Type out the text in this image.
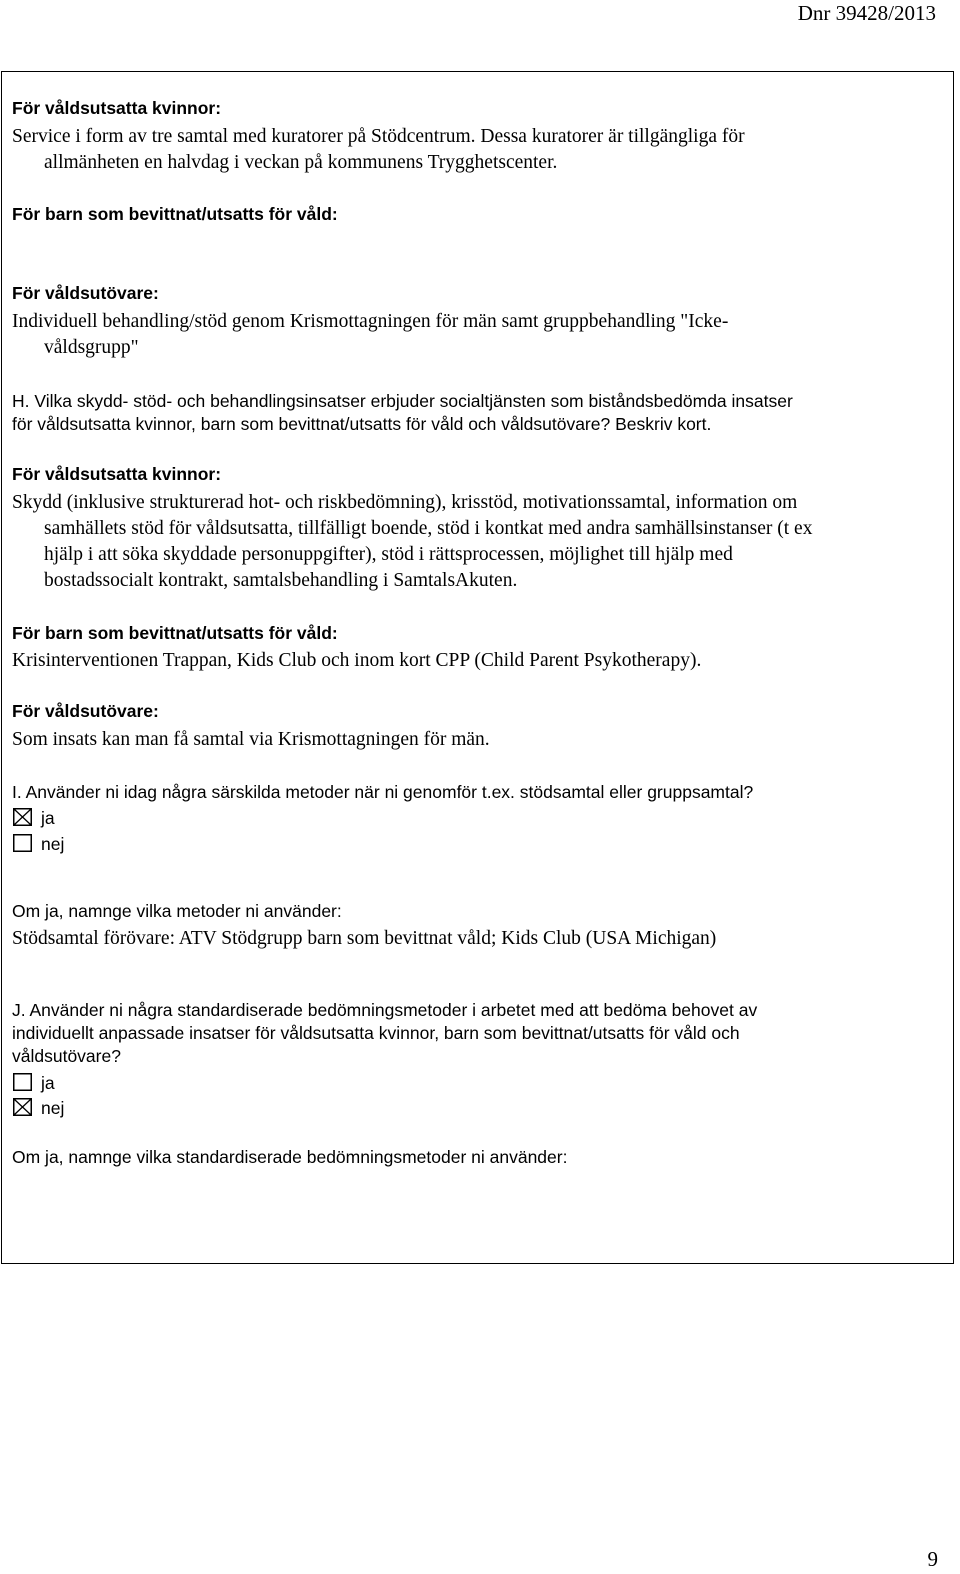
Dnr 39428/2013
För våldsutsatta kvinnor:
Service i form av tre samtal med kuratorer på Stödcentrum. Dessa kuratorer är tillgängliga för
allmänheten en halvdag i veckan på kommunens Trygghetscenter.
För barn som bevittnat/utsatts för våld:
För våldsutövare:
Individuell behandling/stöd genom Krismottagningen för män samt gruppbehandling "Icke-
våldsgrupp"
H. Vilka skydd- stöd- och behandlingsinsatser erbjuder socialtjänsten som biståndsbedömda insatser
för våldsutsatta kvinnor, barn som bevittnat/utsatts för våld och våldsutövare? Beskriv kort.
För våldsutsatta kvinnor:
Skydd (inklusive strukturerad hot- och riskbedömning), krisstöd, motivationssamtal, information om
samhällets stöd för våldsutsatta, tillfälligt boende, stöd i kontkat med andra samhällsinstanser (t ex
hjälp i att söka skyddade personuppgifter), stöd i rättsprocessen, möjlighet till hjälp med
bostadssocialt kontrakt, samtalsbehandling i SamtalsAkuten.
För barn som bevittnat/utsatts för våld:
Krisinterventionen Trappan, Kids Club och inom kort CPP (Child Parent Psykotherapy).
För våldsutövare:
Som insats kan man få samtal via Krismottagningen för män.
I. Använder ni idag några särskilda metoder när ni genomför t.ex. stödsamtal eller gruppsamtal?
ja
nej
Om ja, namnge vilka metoder ni använder:
Stödsamtal förövare: ATV Stödgrupp barn som bevittnat våld; Kids Club (USA Michigan)
J. Använder ni några standardiserade bedömningsmetoder i arbetet med att bedöma behovet av
individuellt anpassade insatser för våldsutsatta kvinnor, barn som bevittnat/utsatts för våld och
våldsutövare?
ja
nej
Om ja, namnge vilka standardiserade bedömningsmetoder ni använder:
9
